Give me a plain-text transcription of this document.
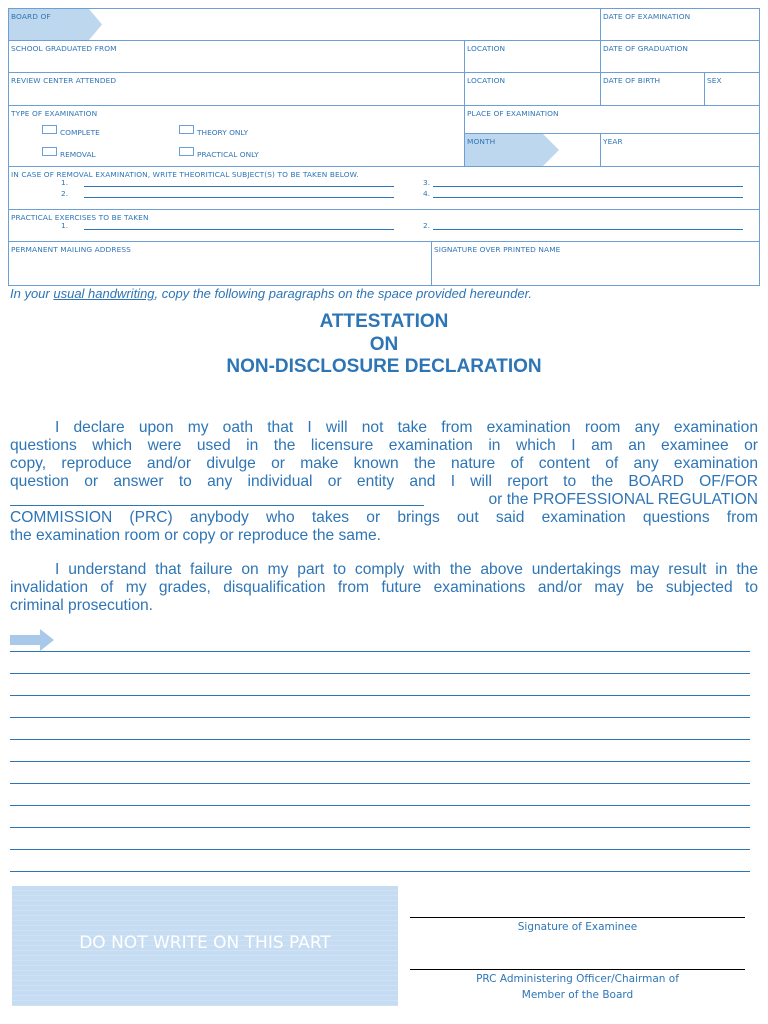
BOARD OF	DATE OF EXAMINATION
SCHOOL GRADUATED FROM	LOCATION	DATE OF GRADUATION
REVIEW CENTER ATTENDED	LOCATION	DATE OF BIRTH	SEX
TYPE OF EXAMINATION
COMPLETE	THEORY ONLY
REMOVAL	PRACTICAL ONLY
PLACE OF EXAMINATION
MONTH	YEAR
IN CASE OF REMOVAL EXAMINATION, WRITE THEORITICAL SUBJECT(S) TO BE TAKEN BELOW.
1.
2.
3.
4.
PRACTICAL EXERCISES TO BE TAKEN
1.	2.
PERMANENT MAILING ADDRESS	SIGNATURE OVER PRINTED NAME
In your usual handwriting, copy the following paragraphs on the space provided hereunder.
ATTESTATION
ON
NON-DISCLOSURE DECLARATION
I declare upon my oath that I will not take from examination room any examination
questions which were used in the licensure examination in which I am an examinee or
copy, reproduce and/or divulge or make known the nature of content of any examination
question or answer to any individual or entity and I will report to the BOARD OF/FOR
or the PROFESSIONAL REGULATION
COMMISSION (PRC) anybody who takes or brings out said examination questions from
the examination room or copy or reproduce the same.
I understand that failure on my part to comply with the above undertakings may result in the
invalidation of my grades, disqualification from future examinations and/or may be subjected to
criminal prosecution.
DO NOT WRITE ON THIS PART
Signature of Examinee
PRC Administering Officer/Chairman of
Member of the Board
